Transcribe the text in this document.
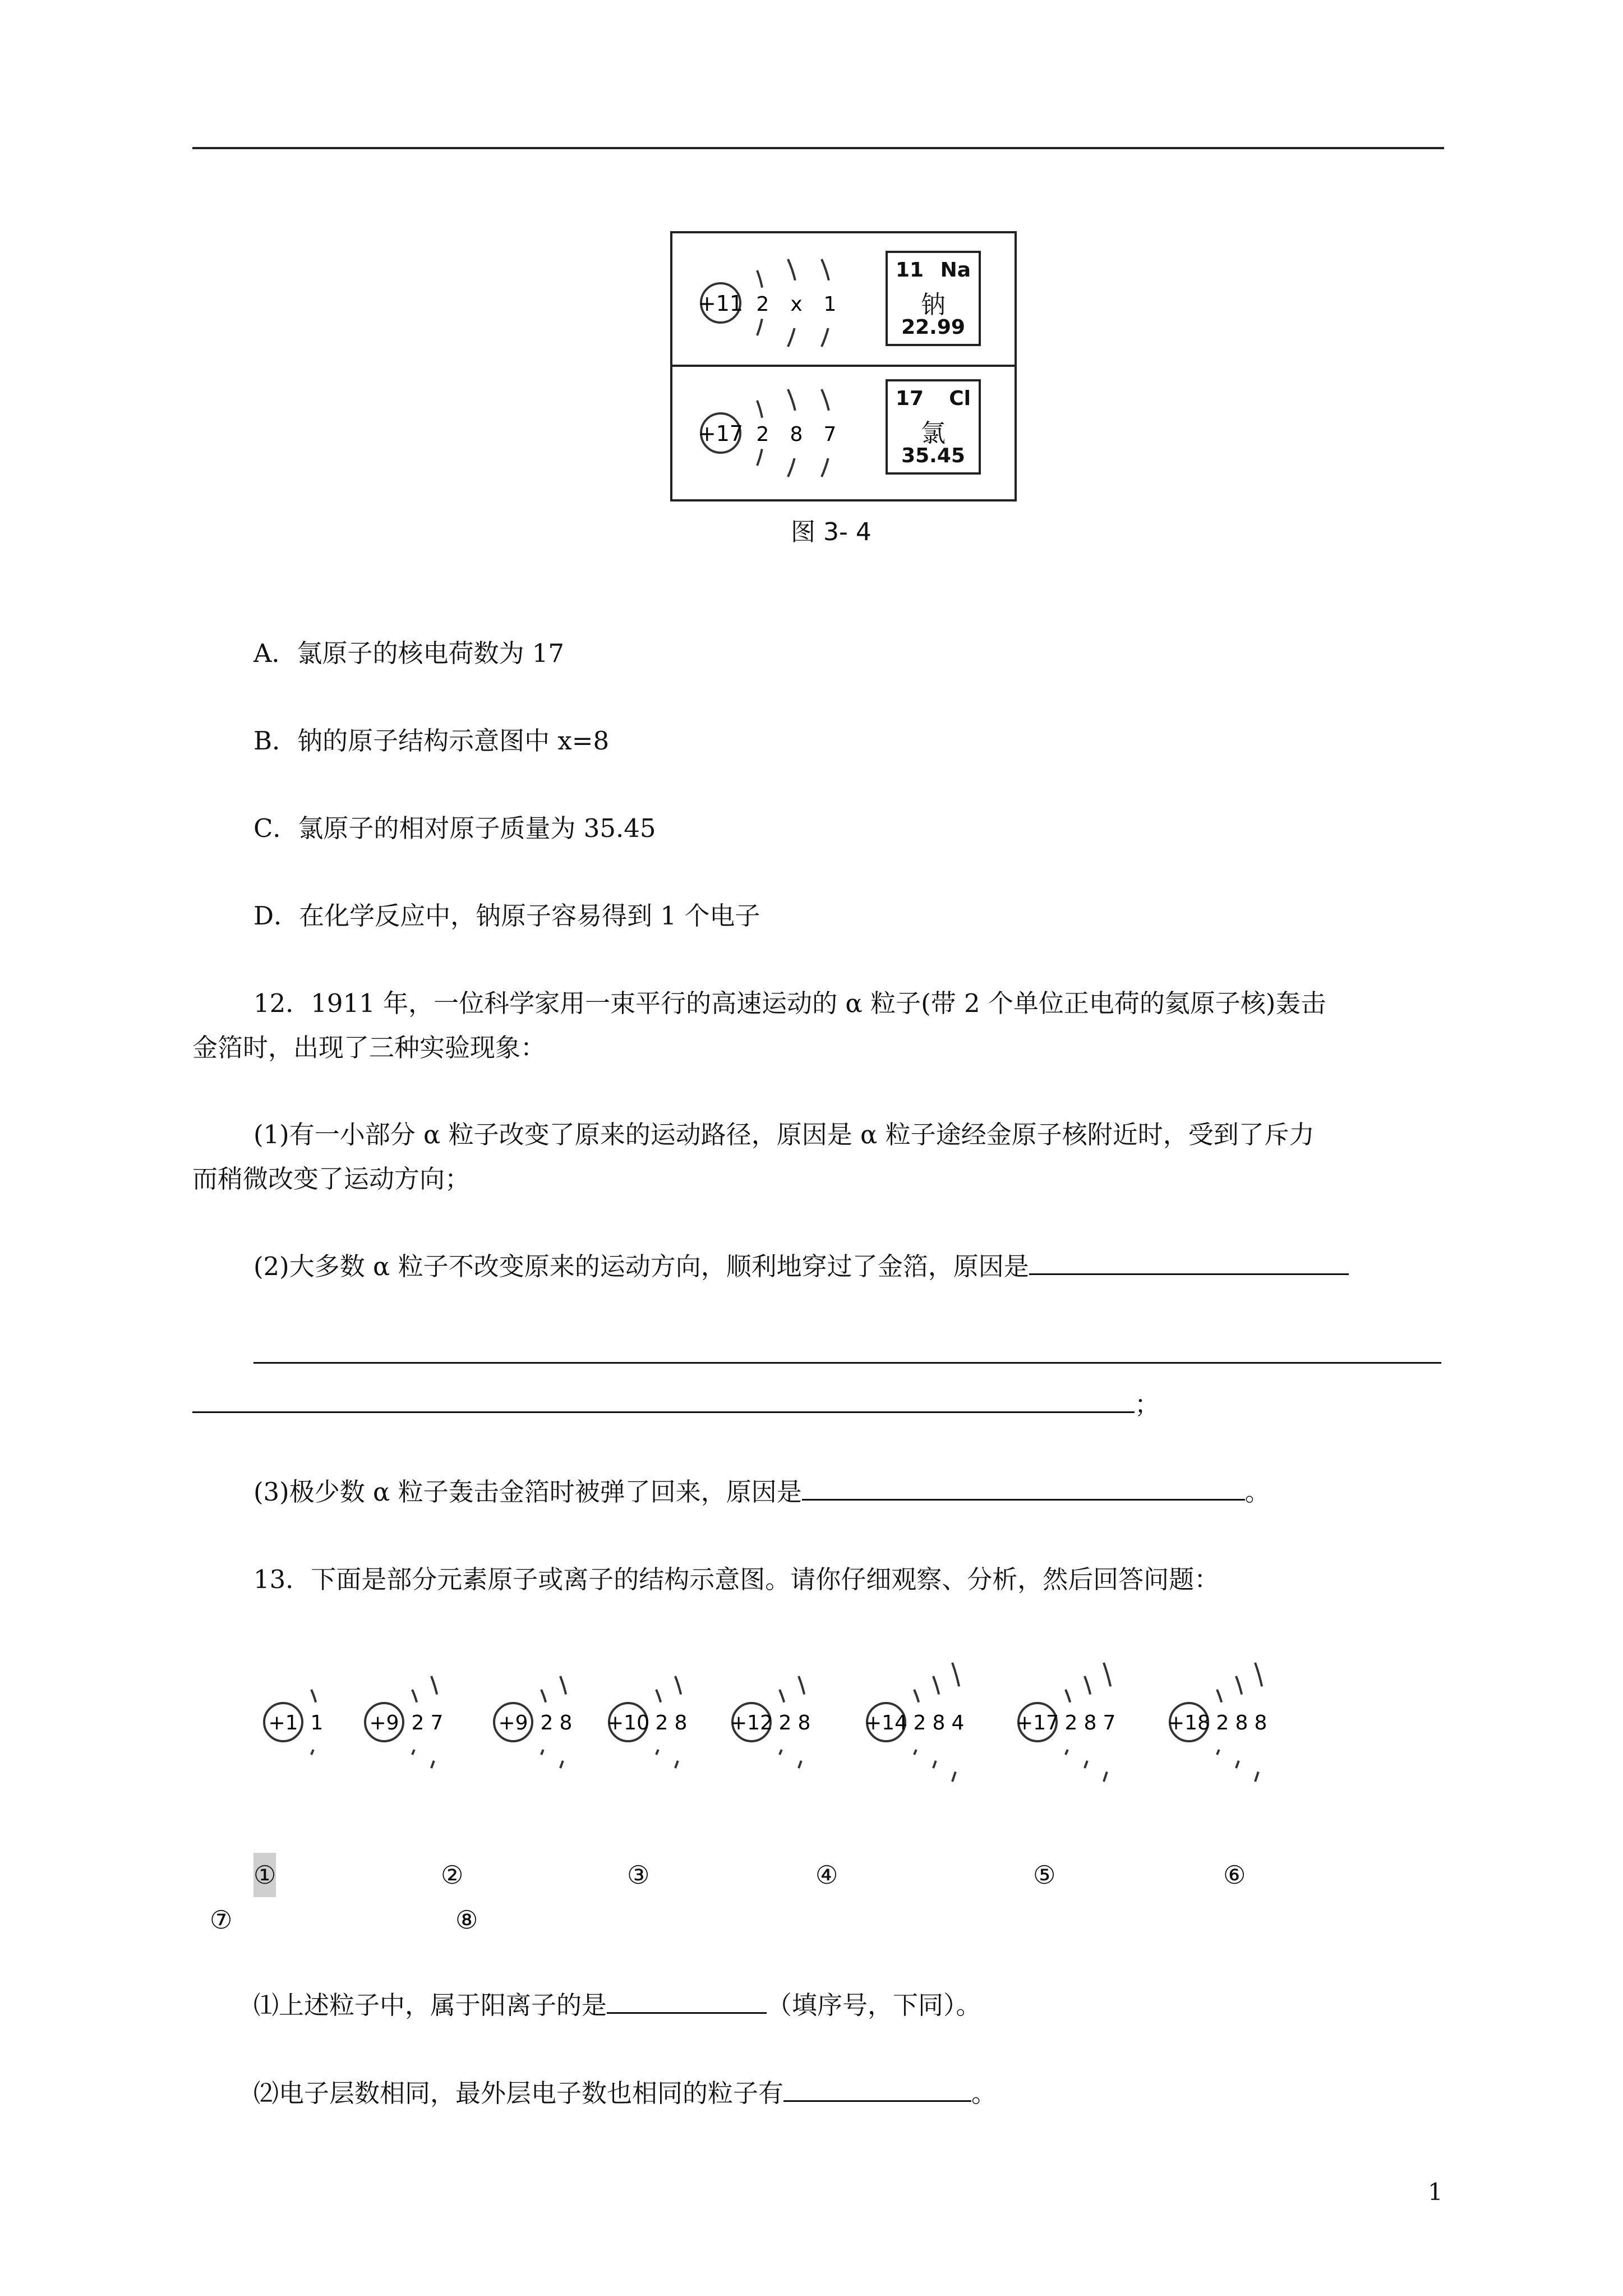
+11 2 x 1
+17 2 8 7
11 Na
钠
22.99
17 Cl
氯
35.45
图 3- 4
A．氯原子的核电荷数为 17
B．钠的原子结构示意图中 x=8
C．氯原子的相对原子质量为 35.45
D．在化学反应中，钠原子容易得到 1 个电子
12．1911 年，一位科学家用一束平行的高速运动的 α 粒子(带 2 个单位正电荷的氦原子核)轰击
金箔时，出现了三种实验现象：
(1)有一小部分 α 粒子改变了原来的运动路径，原因是 α 粒子途经金原子核附近时，受到了斥力
而稍微改变了运动方向；
(2)大多数 α 粒子不改变原来的运动方向，顺利地穿过了金箔，原因是
；
(3)极少数 α 粒子轰击金箔时被弹了回来，原因是	。
13．下面是部分元素原子或离子的结构示意图。请你仔细观察、分析，然后回答问题：
+1 1 +9 2 7	+9 2 8 +10 2 8 +12 2 8	+14 2 8 4	+17 2 8 7	+18 2 8 8
①	②	③	④	⑤	⑥
⑦	⑧
⑴上述粒子中，属于阳离子的是	（填序号，下同）。
⑵电子层数相同，最外层电子数也相同的粒子有	。
1
